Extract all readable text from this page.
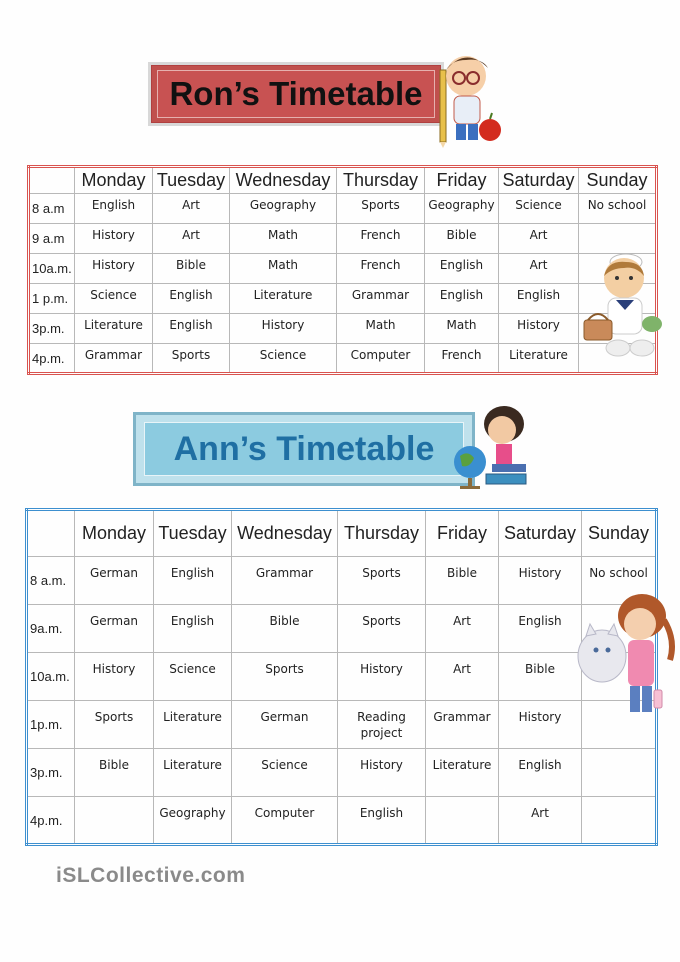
Ron’s Timetable
	Monday	Tuesday	Wednesday	Thursday	Friday	Saturday	Sunday
8 a.m	English	Art	Geography	Sports	Geography	Science	No school
9 a.m	History	Art	Math	French	Bible	Art	
10a.m.	History	Bible	Math	French	English	Art	
1 p.m.	Science	English	Literature	Grammar	English	English	
3p.m.	Literature	English	History	Math	Math	History	
4p.m.	Grammar	Sports	Science	Computer	French	Literature	
Ann’s Timetable
	Monday	Tuesday	Wednesday	Thursday	Friday	Saturday	Sunday
8 a.m.	German	English	Grammar	Sports	Bible	History	No school
9a.m.	German	English	Bible	Sports	Art	English	
10a.m.	History	Science	Sports	History	Art	Bible	
1p.m.	Sports	Literature	German	Reading project	Grammar	History	
3p.m.	Bible	Literature	Science	History	Literature	English	
4p.m.		Geography	Computer	English		Art	
iSLCollective.com
